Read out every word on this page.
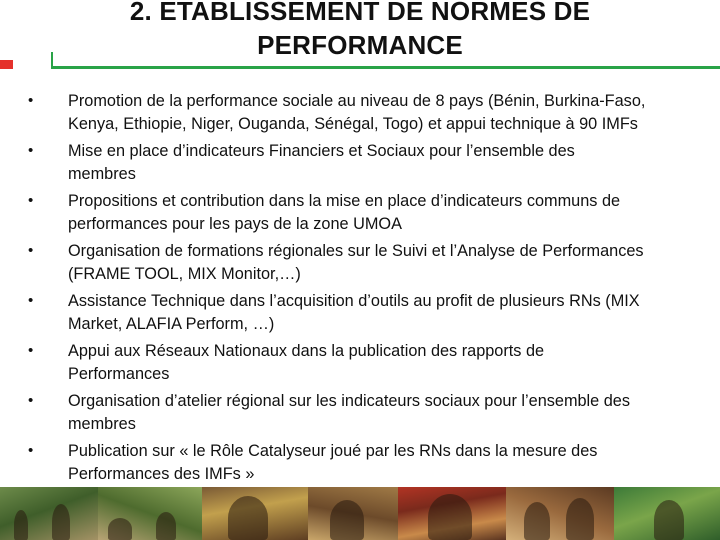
2. ETABLISSEMENT DE NORMES DE
PERFORMANCE
• Promotion de la performance sociale au niveau de 8 pays (Bénin, Burkina-Faso,
Kenya, Ethiopie, Niger, Ouganda, Sénégal, Togo) et appui technique à 90 IMFs
• Mise en place d’indicateurs Financiers et Sociaux pour l’ensemble des
membres
• Propositions et contribution dans la mise en place d’indicateurs communs de
performances pour les pays de la zone UMOA
• Organisation de formations régionales sur le Suivi et l’Analyse de Performances
(FRAME TOOL, MIX Monitor,…)
• Assistance Technique dans l’acquisition d’outils au profit de plusieurs RNs (MIX
Market, ALAFIA Perform, …)
• Appui aux Réseaux Nationaux dans la publication des rapports de
Performances
• Organisation d’atelier régional sur les indicateurs sociaux pour l’ensemble des
membres
• Publication sur « le Rôle Catalyseur joué par les RNs dans la mesure des
Performances des IMFs »
